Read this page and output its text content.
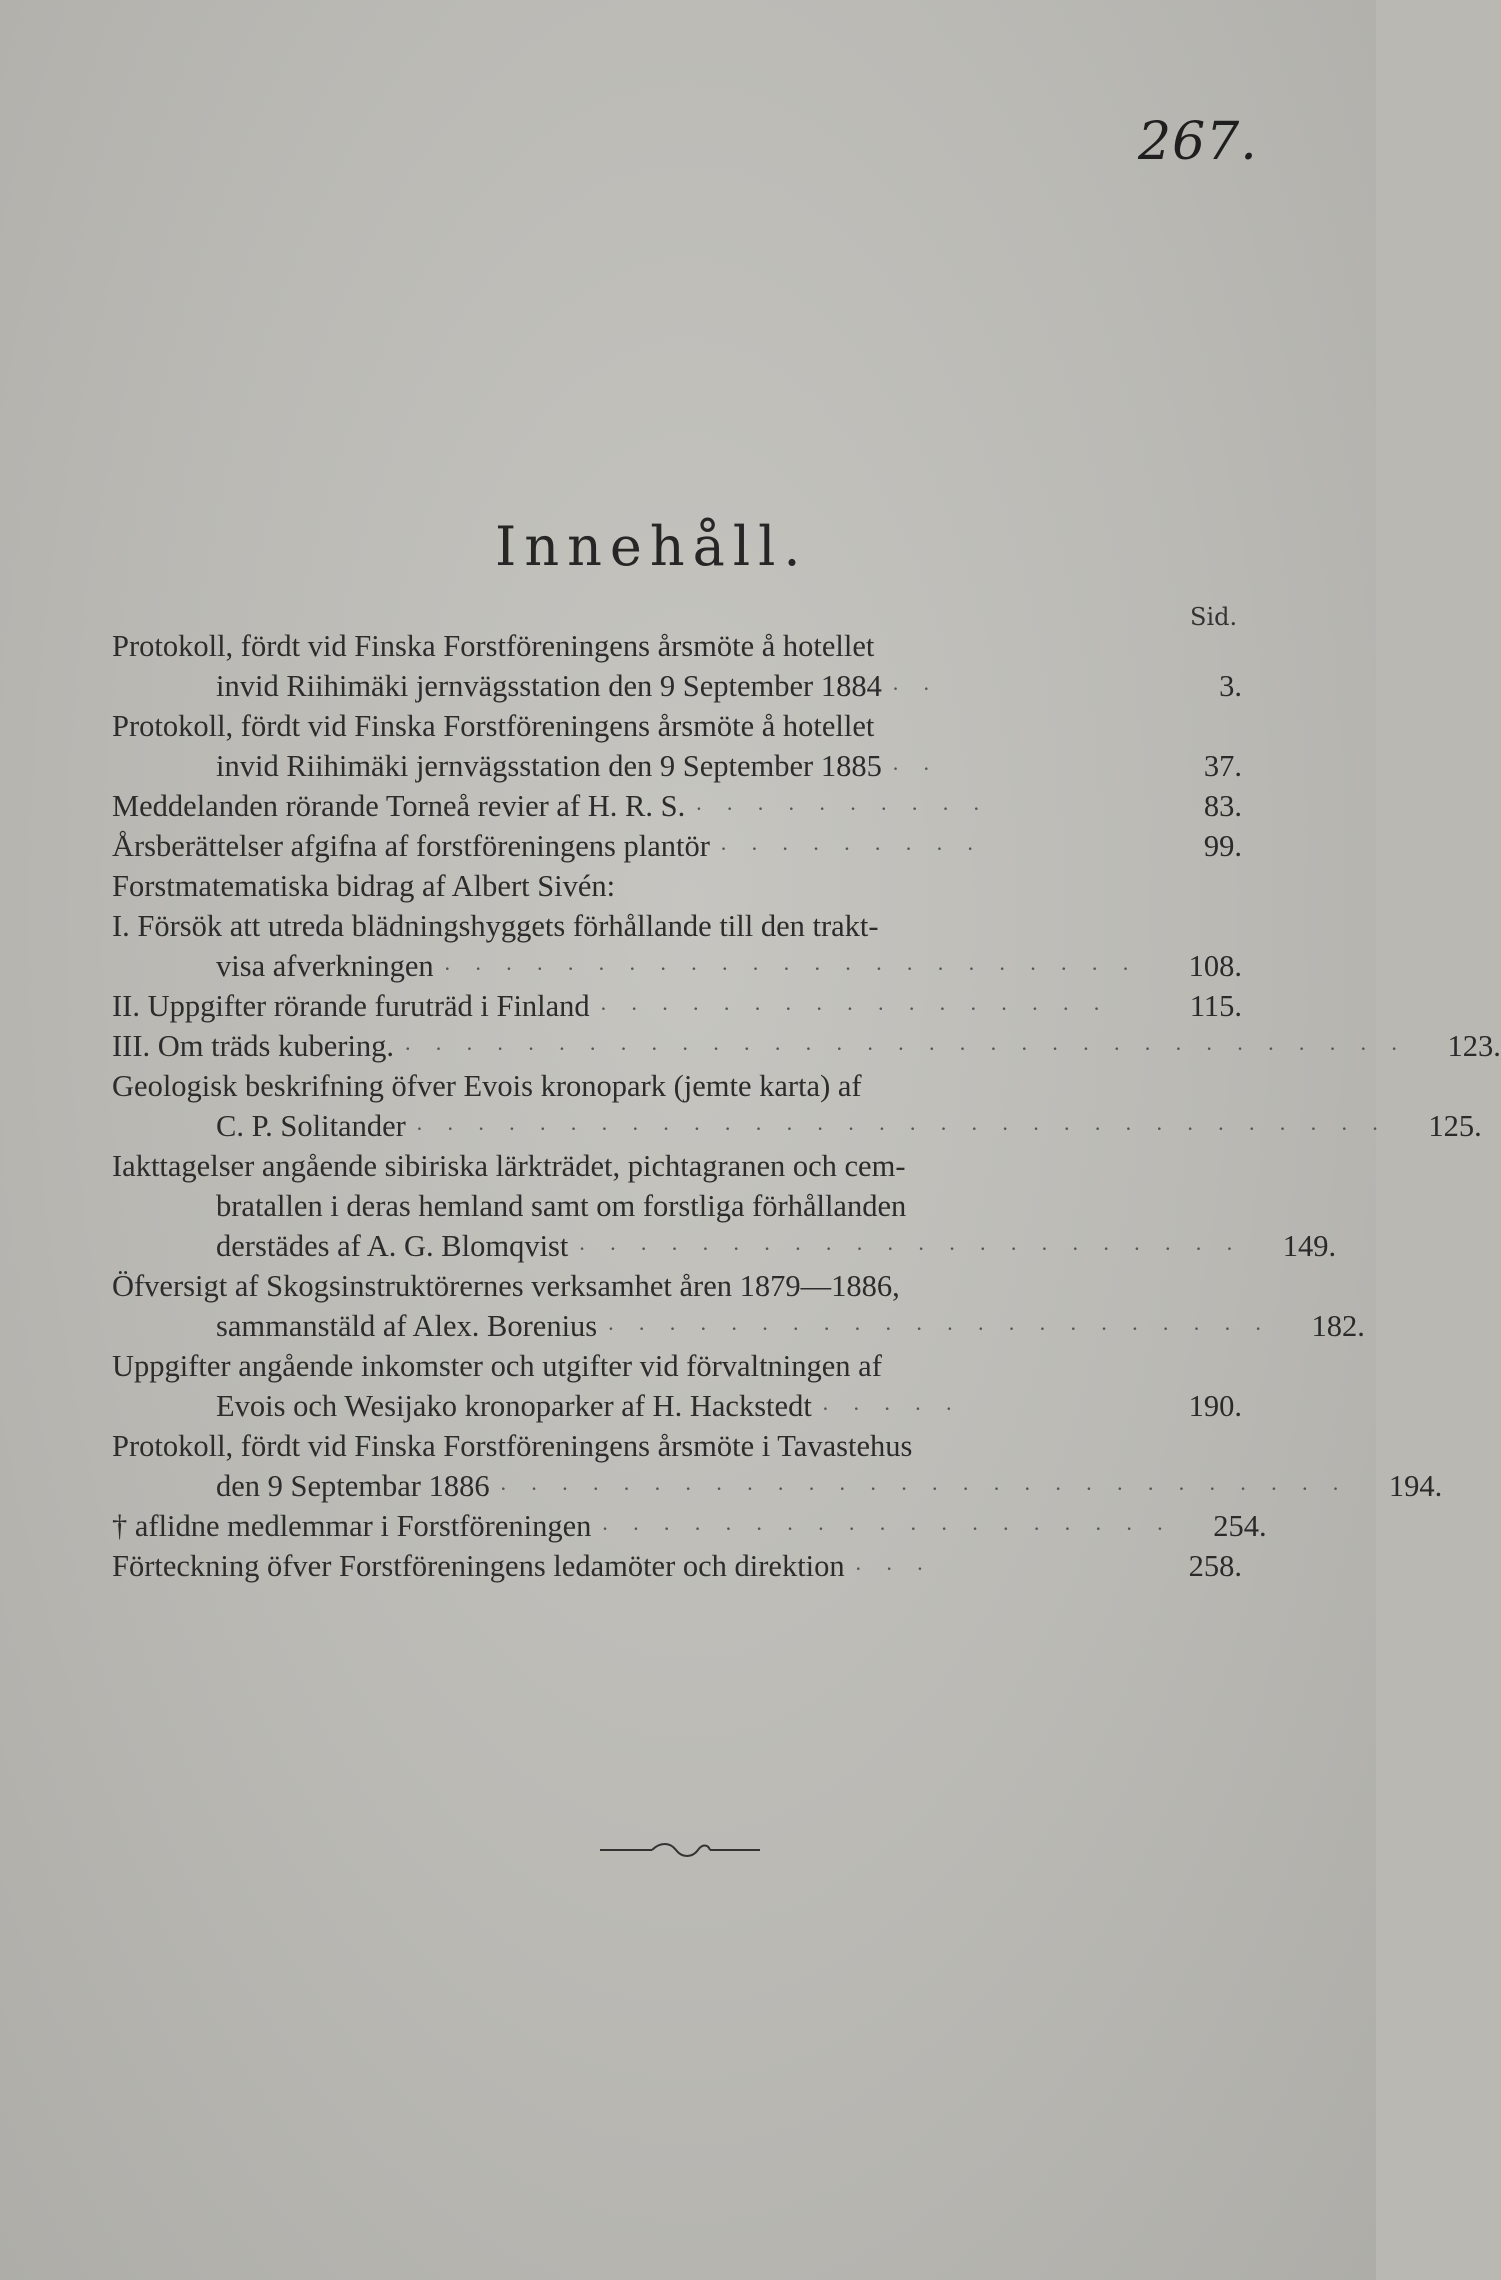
267.
Innehåll.
Sid.
Protokoll, fördt vid Finska Forstföreningens årsmöte å hotellet
invid Riihimäki jernvägsstation den 9 September 1884 · ·	3.
Protokoll, fördt vid Finska Forstföreningens årsmöte å hotellet
invid Riihimäki jernvägsstation den 9 September 1885 · ·	37.
Meddelanden rörande Torneå revier af H. R. S. · · · · · · · · · ·	83.
Årsberättelser afgifna af forstföreningens plantör · · · · · · · · ·	99.
Forstmatematiska bidrag af Albert Sivén:
I. Försök att utreda blädningshyggets förhållande till den trakt-
visa afverkningen · · · · · · · · · · · · · · · · · · · · · · ·	108.
II. Uppgifter rörande furuträd i Finland · · · · · · · · · · · · · · · · ·	115.
III. Om träds kubering. · · · · · · · · · · · · · · · · · · · · · · · · · · · · · · · · ·	123.
Geologisk beskrifning öfver Evois kronopark (jemte karta) af
C. P. Solitander · · · · · · · · · · · · · · · · · · · · · · · · · · · · · · · ·	125.
Iakttagelser angående sibiriska lärkträdet, pichtagranen och cem-
bratallen i deras hemland samt om forstliga förhållanden
derstädes af A. G. Blomqvist · · · · · · · · · · · · · · · · · · · · · ·	149.
Öfversigt af Skogsinstruktörernes verksamhet åren 1879—1886,
sammanstäld af Alex. Borenius · · · · · · · · · · · · · · · · · · · · · ·	182.
Uppgifter angående inkomster och utgifter vid förvaltningen af
Evois och Wesijako kronoparker af H. Hackstedt · · · · ·	190.
Protokoll, fördt vid Finska Forstföreningens årsmöte i Tavastehus
den 9 Septembar 1886 · · · · · · · · · · · · · · · · · · · · · · · · · · · ·	194.
† aflidne medlemmar i Forstföreningen · · · · · · · · · · · · · · · · · · ·	254.
Förteckning öfver Forstföreningens ledamöter och direktion · · ·	258.
